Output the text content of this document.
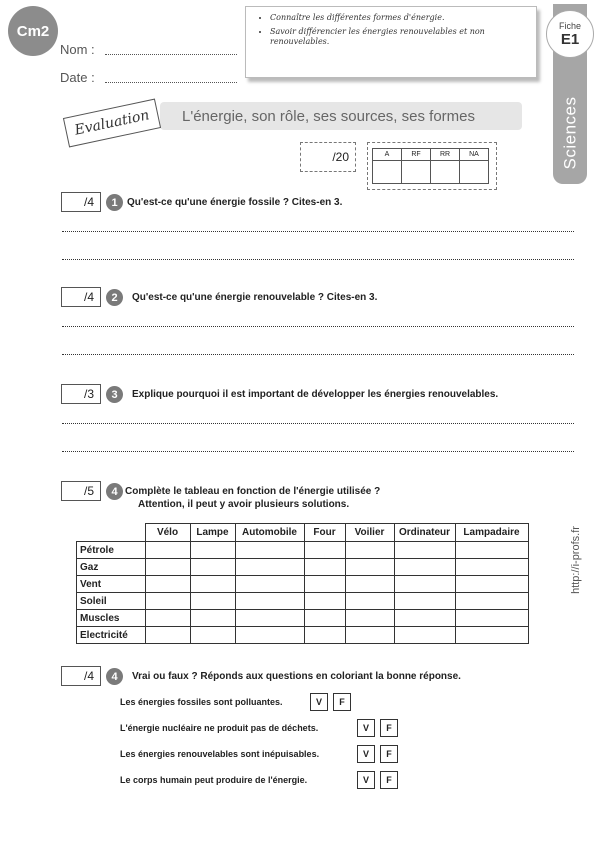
Cm2
Nom :
Date :
• Connaître les différentes formes d'énergie.
• Savoir différencier les énergies renouvelables et non renouvelables.
Fiche
E1
Sciences
L'énergie, son rôle, ses sources, ses formes
Evaluation
/20	A	RF	RR	NA

/4	1 Qu'est-ce qu'une énergie fossile ? Cites-en 3.
/4	2	Qu'est-ce qu'une énergie renouvelable ? Cites-en 3.
/3	3	Explique pourquoi il est important de développer les énergies renouvelables.
/5	4 Complète le tableau en fonction de l'énergie utilisée ?
Attention, il peut y avoir plusieurs solutions.
	Vélo	Lampe	Automobile	Four	Voilier	Ordinateur	Lampadaire
Pétrole							
Gaz							
Vent							
Soleil							
Muscles							
Electricité							
http://i-profs.fr
/4	4	Vrai ou faux ? Réponds aux questions en coloriant la bonne réponse.
Les énergies fossiles sont polluantes.	V	F
L'énergie nucléaire ne produit pas de déchets.	V	F
Les énergies renouvelables sont inépuisables.	V	F
Le corps humain peut produire de l'énergie.	V	F
